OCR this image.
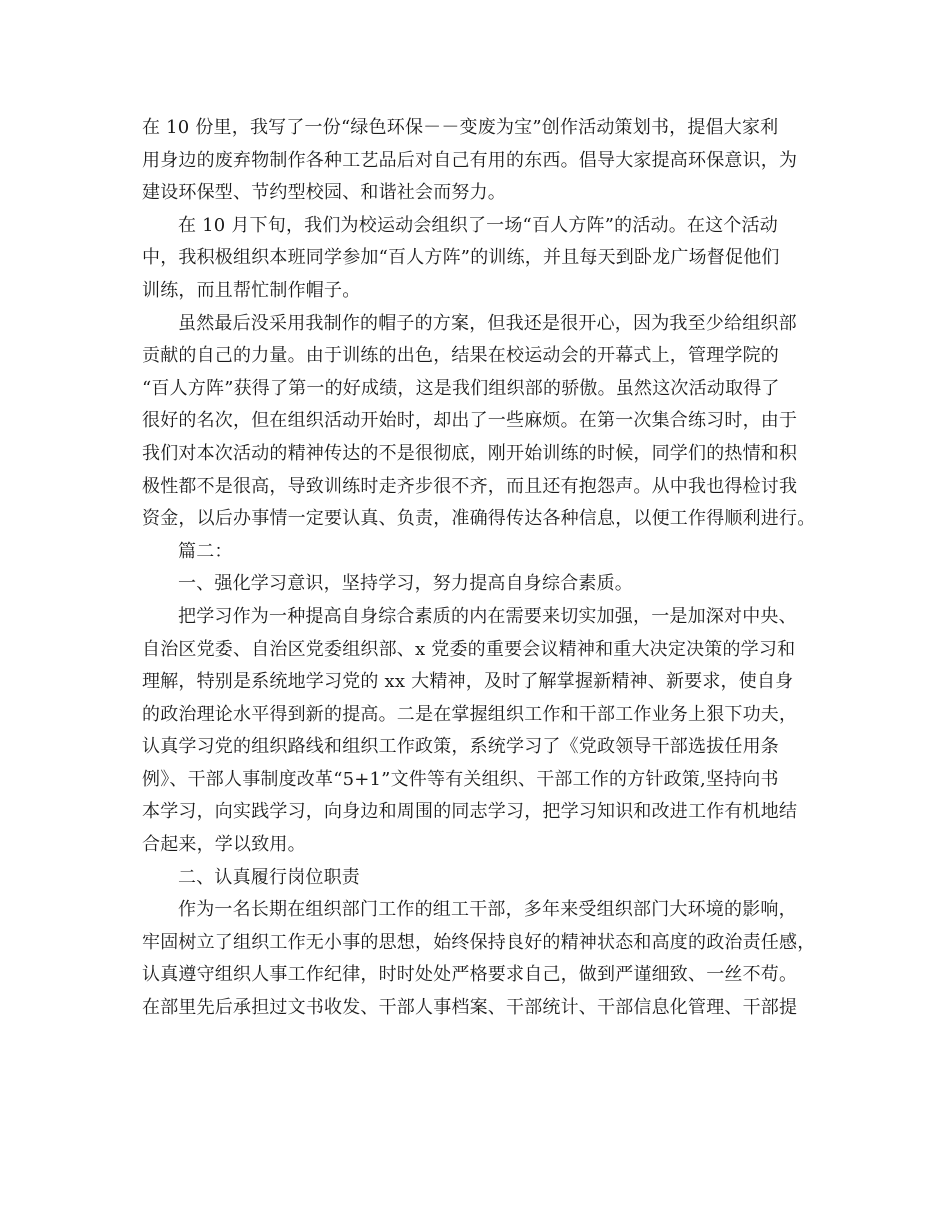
在 10 份里，我写了一份“绿色环保－－变废为宝”创作活动策划书，提倡大家利
用身边的废弃物制作各种工艺品后对自己有用的东西。倡导大家提高环保意识，为
建设环保型、节约型校园、和谐社会而努力。

在 10 月下旬，我们为校运动会组织了一场“百人方阵”的活动。在这个活动
中，我积极组织本班同学参加“百人方阵”的训练，并且每天到卧龙广场督促他们
训练，而且帮忙制作帽子。

虽然最后没采用我制作的帽子的方案，但我还是很开心，因为我至少给组织部
贡献的自己的力量。由于训练的出色，结果在校运动会的开幕式上，管理学院的
“百人方阵”获得了第一的好成绩，这是我们组织部的骄傲。虽然这次活动取得了
很好的名次，但在组织活动开始时，却出了一些麻烦。在第一次集合练习时，由于
我们对本次活动的精神传达的不是很彻底，刚开始训练的时候，同学们的热情和积
极性都不是很高，导致训练时走齐步很不齐，而且还有抱怨声。从中我也得检讨我
资金，以后办事情一定要认真、负责，准确得传达各种信息，以便工作得顺利进行。

篇二：

一、强化学习意识，坚持学习，努力提高自身综合素质。

把学习作为一种提高自身综合素质的内在需要来切实加强，一是加深对中央、
自治区党委、自治区党委组织部、x 党委的重要会议精神和重大决定决策的学习和
理解，特别是系统地学习党的 xx 大精神，及时了解掌握新精神、新要求，使自身
的政治理论水平得到新的提高。二是在掌握组织工作和干部工作业务上狠下功夫，
认真学习党的组织路线和组织工作政策，系统学习了《党政领导干部选拔任用条
例》、干部人事制度改革“5+1”文件等有关组织、干部工作的方针政策,坚持向书
本学习，向实践学习，向身边和周围的同志学习，把学习知识和改进工作有机地结
合起来，学以致用。

二、认真履行岗位职责

作为一名长期在组织部门工作的组工干部，多年来受组织部门大环境的影响，
牢固树立了组织工作无小事的思想，始终保持良好的精神状态和高度的政治责任感，
认真遵守组织人事工作纪律，时时处处严格要求自己，做到严谨细致、一丝不苟。
在部里先后承担过文书收发、干部人事档案、干部统计、干部信息化管理、干部提
